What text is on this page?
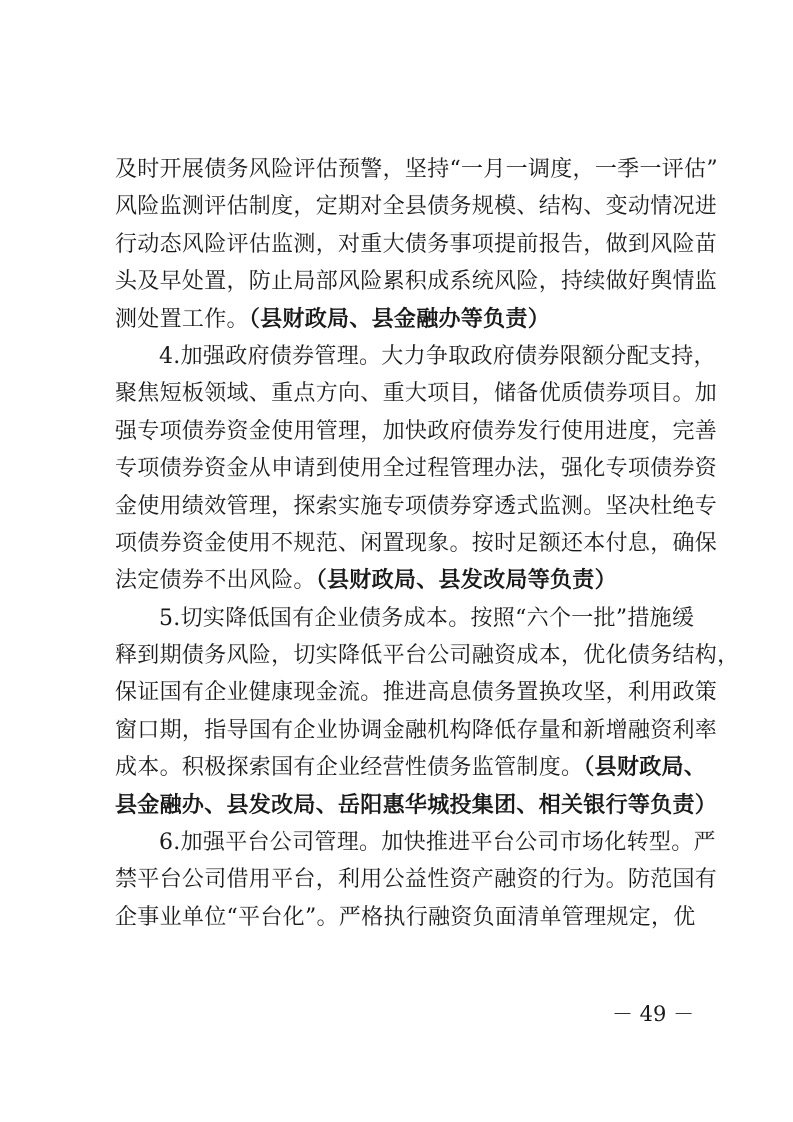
及时开展债务风险评估预警，坚持“一月一调度，一季一评估”
风险监测评估制度，定期对全县债务规模、结构、变动情况进
行动态风险评估监测，对重大债务事项提前报告，做到风险苗
头及早处置，防止局部风险累积成系统风险，持续做好舆情监
测处置工作。（县财政局、县金融办等负责）
4.加强政府债券管理。大力争取政府债券限额分配支持，
聚焦短板领域、重点方向、重大项目，储备优质债券项目。加
强专项债券资金使用管理，加快政府债券发行使用进度，完善
专项债券资金从申请到使用全过程管理办法，强化专项债券资
金使用绩效管理，探索实施专项债券穿透式监测。坚决杜绝专
项债券资金使用不规范、闲置现象。按时足额还本付息，确保
法定债券不出风险。（县财政局、县发改局等负责）
5.切实降低国有企业债务成本。按照“六个一批”措施缓
释到期债务风险，切实降低平台公司融资成本，优化债务结构，
保证国有企业健康现金流。推进高息债务置换攻坚，利用政策
窗口期，指导国有企业协调金融机构降低存量和新增融资利率
成本。积极探索国有企业经营性债务监管制度。（县财政局、
县金融办、县发改局、岳阳惠华城投集团、相关银行等负责）
6.加强平台公司管理。加快推进平台公司市场化转型。严
禁平台公司借用平台，利用公益性资产融资的行为。防范国有
企事业单位“平台化”。严格执行融资负面清单管理规定，优
－ 49 －
